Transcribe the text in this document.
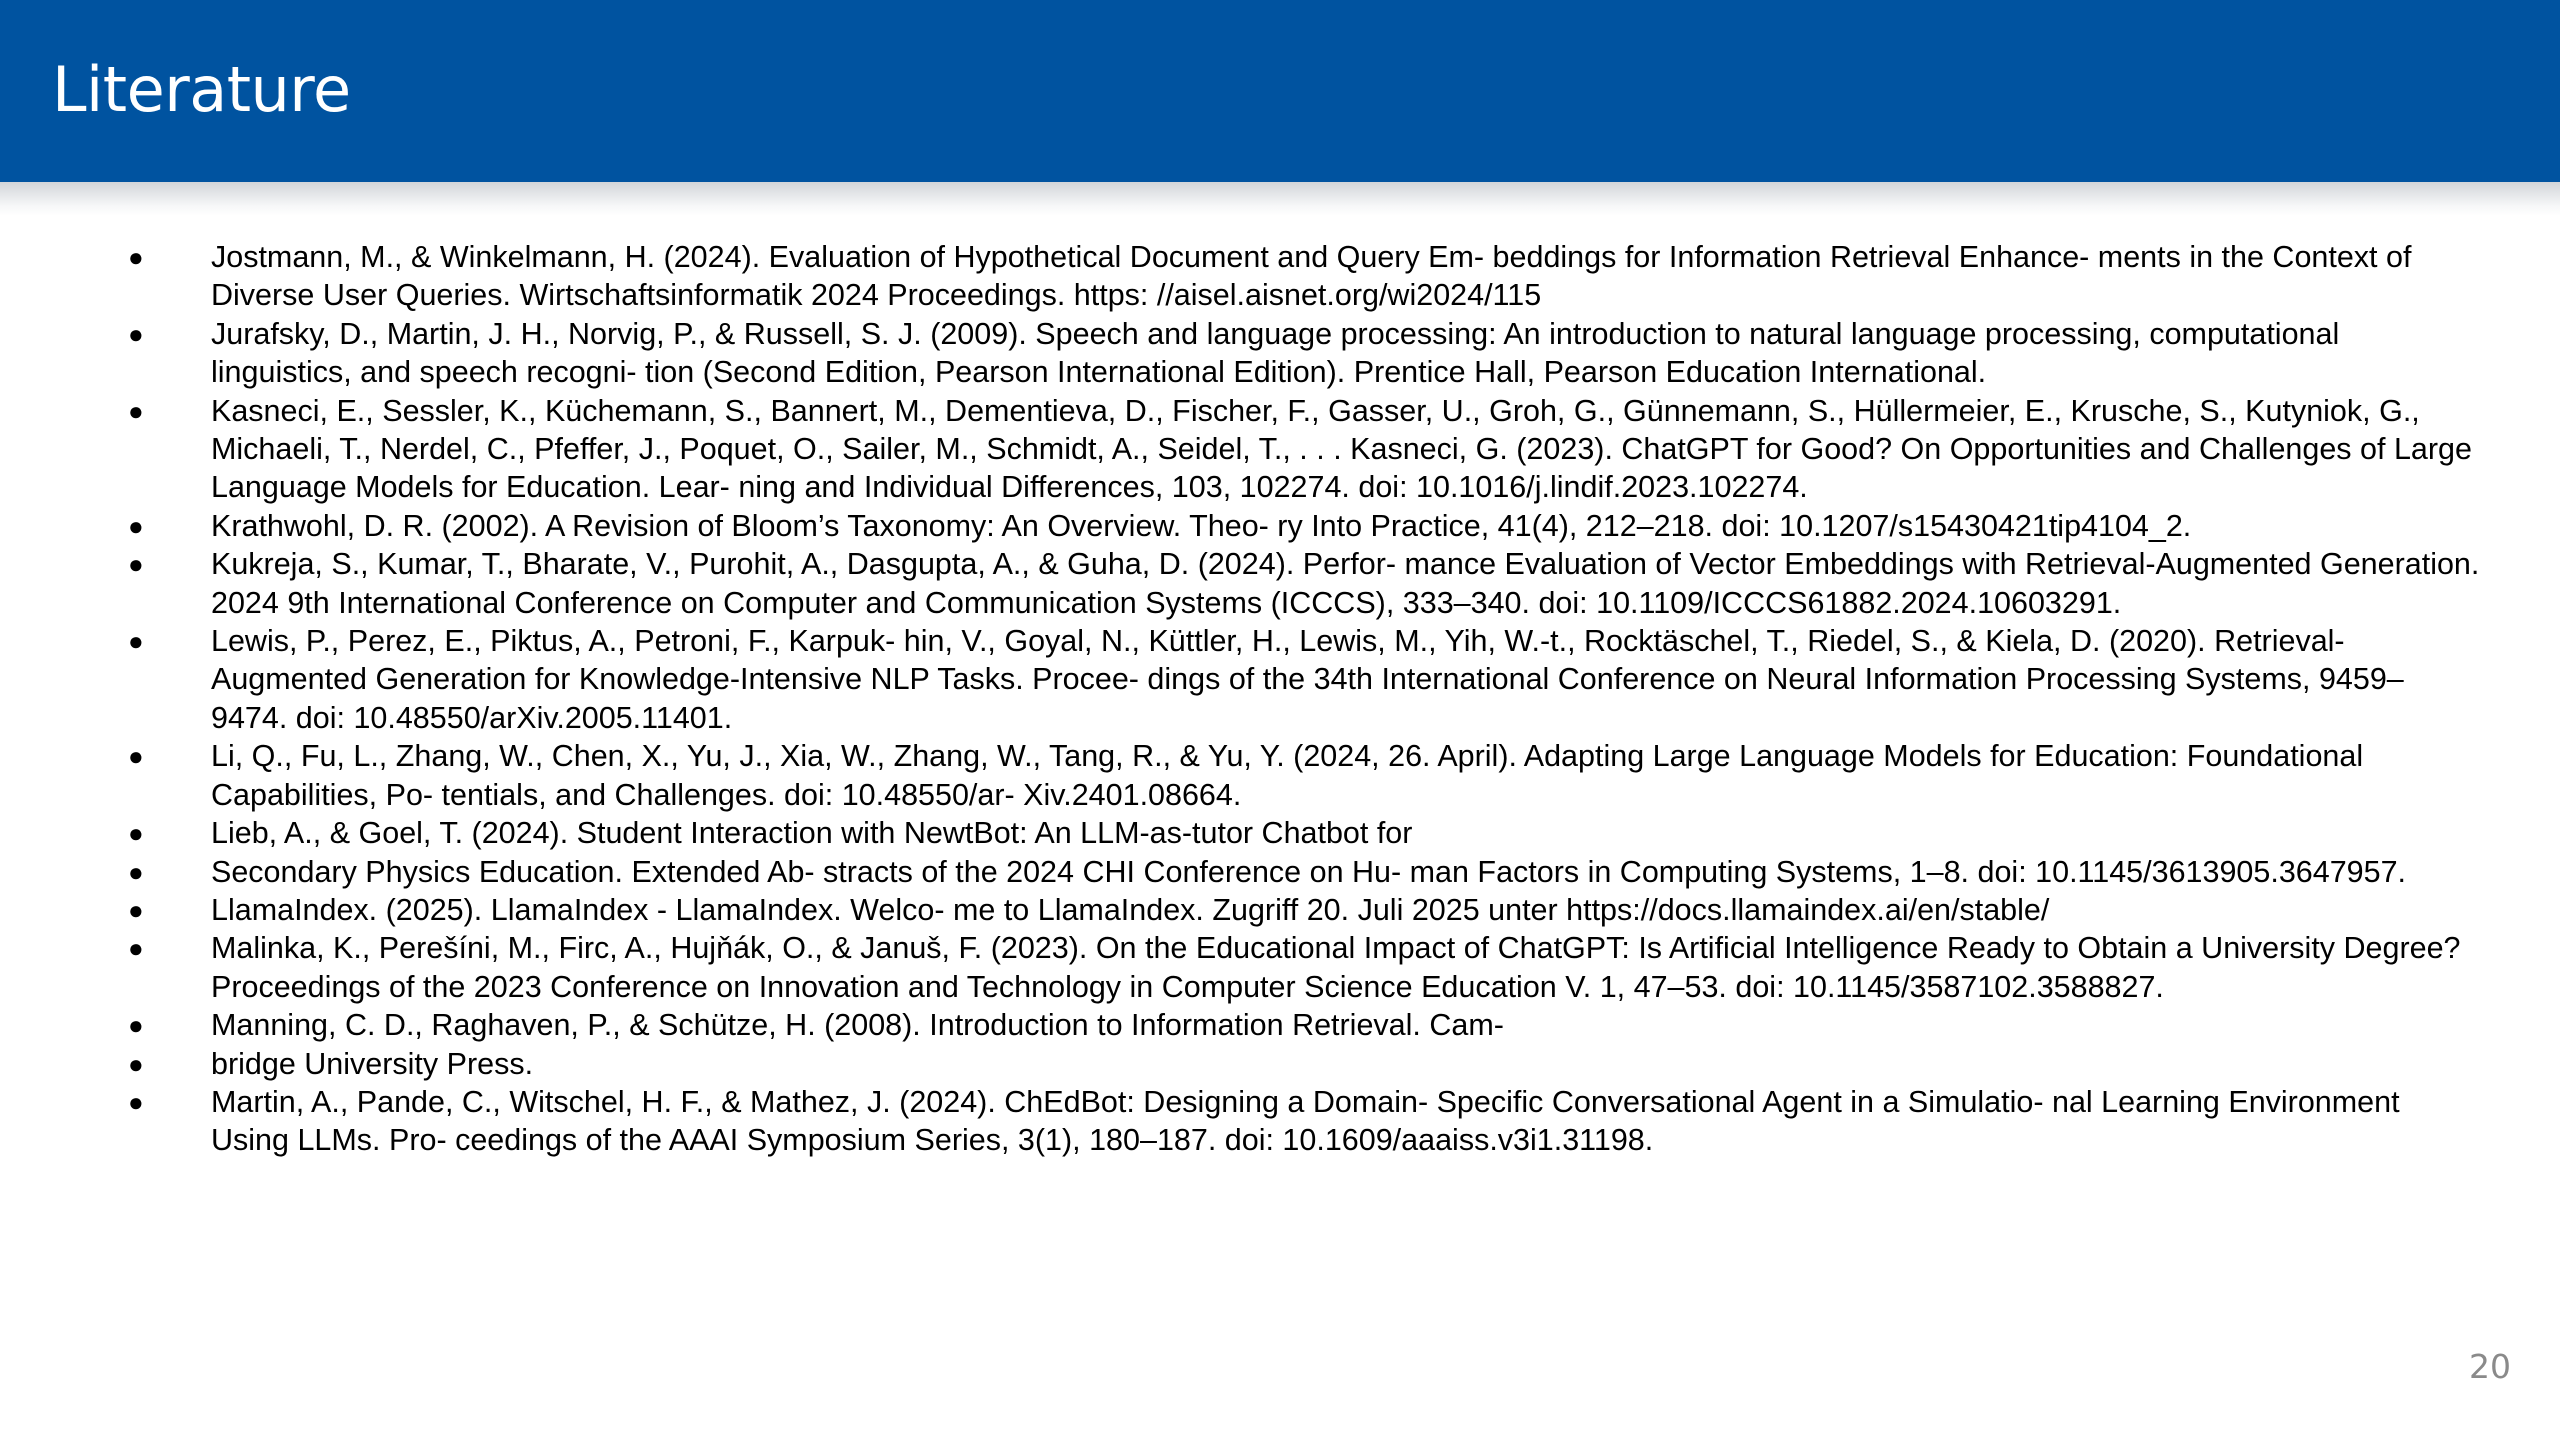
Literature
● Jostmann, M., & Winkelmann, H. (2024). Evaluation of Hypothetical Document and Query Em- beddings for Information Retrieval Enhance- ments in the Context of Diverse User Queries. Wirtschaftsinformatik 2024 Proceedings. https: //aisel.aisnet.org/wi2024/115
● Jurafsky, D., Martin, J. H., Norvig, P., & Russell, S. J. (2009). Speech and language processing: An introduction to natural language processing, computational linguistics, and speech recogni- tion (Second Edition, Pearson International Edition). Prentice Hall, Pearson Education International.
● Kasneci, E., Sessler, K., Küchemann, S., Bannert, M., Dementieva, D., Fischer, F., Gasser, U., Groh, G., Günnemann, S., Hüllermeier, E., Krusche, S., Kutyniok, G., Michaeli, T., Nerdel, C., Pfeffer, J., Poquet, O., Sailer, M., Schmidt, A., Seidel, T., . . . Kasneci, G. (2023). ChatGPT for Good? On Opportunities and Challenges of Large Language Models for Education. Lear- ning and Individual Differences, 103, 102274. doi: 10.1016/j.lindif.2023.102274.
● Krathwohl, D. R. (2002). A Revision of Bloom’s Taxonomy: An Overview. Theo- ry Into Practice, 41(4), 212–218. doi: 10.1207/s15430421tip4104_2.
● Kukreja, S., Kumar, T., Bharate, V., Purohit, A., Dasgupta, A., & Guha, D. (2024). Perfor- mance Evaluation of Vector Embeddings with Retrieval-Augmented Generation. 2024 9th International Conference on Computer and Communication Systems (ICCCS), 333–340. doi: 10.1109/ICCCS61882.2024.10603291.
● Lewis, P., Perez, E., Piktus, A., Petroni, F., Karpuk- hin, V., Goyal, N., Küttler, H., Lewis, M., Yih, W.-t., Rocktäschel, T., Riedel, S., & Kiela, D. (2020). Retrieval-Augmented Generation for Knowledge-Intensive NLP Tasks. Procee- dings of the 34th International Conference on Neural Information Processing Systems, 9459– 9474. doi: 10.48550/arXiv.2005.11401.
● Li, Q., Fu, L., Zhang, W., Chen, X., Yu, J., Xia, W., Zhang, W., Tang, R., & Yu, Y. (2024, 26. April). Adapting Large Language Models for Education: Foundational Capabilities, Po- tentials, and Challenges. doi: 10.48550/ar- Xiv.2401.08664.
● Lieb, A., & Goel, T. (2024). Student Interaction with NewtBot: An LLM-as-tutor Chatbot for
● Secondary Physics Education. Extended Ab- stracts of the 2024 CHI Conference on Hu- man Factors in Computing Systems, 1–8. doi: 10.1145/3613905.3647957.
● LlamaIndex. (2025). LlamaIndex - LlamaIndex. Welco- me to LlamaIndex. Zugriff 20. Juli 2025 unter https://docs.llamaindex.ai/en/stable/
● Malinka, K., Perešíni, M., Firc, A., Hujňák, O., & Januš, F. (2023). On the Educational Impact of ChatGPT: Is Artificial Intelligence Ready to Obtain a University Degree? Proceedings of the 2023 Conference on Innovation and Technology in Computer Science Education V. 1, 47–53. doi: 10.1145/3587102.3588827.
● Manning, C. D., Raghaven, P., & Schütze, H. (2008). Introduction to Information Retrieval. Cam-
● bridge University Press.
● Martin, A., Pande, C., Witschel, H. F., & Mathez, J. (2024). ChEdBot: Designing a Domain- Specific Conversational Agent in a Simulatio- nal Learning Environment Using LLMs. Pro- ceedings of the AAAI Symposium Series, 3(1), 180–187. doi: 10.1609/aaaiss.v3i1.31198.
20
